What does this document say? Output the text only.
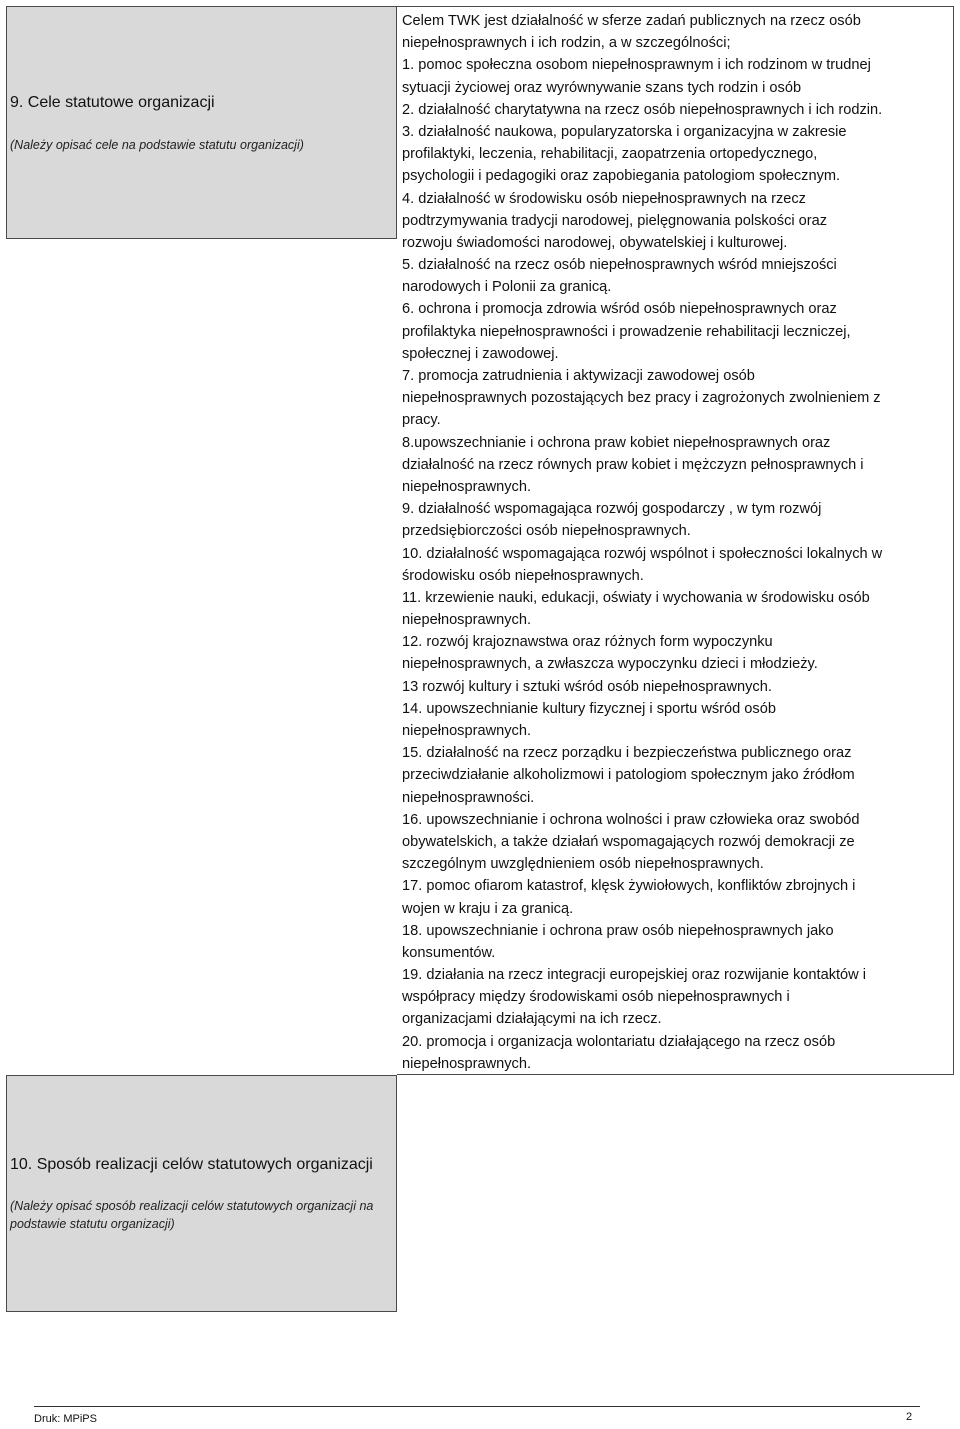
9. Cele statutowe organizacji
(Należy opisać cele na podstawie statutu organizacji)
Celem TWK jest działalność w sferze zadań publicznych na rzecz osób
niepełnosprawnych i ich rodzin, a w szczególności;
1. pomoc społeczna osobom niepełnosprawnym i ich rodzinom w trudnej
sytuacji życiowej oraz wyrównywanie szans tych rodzin i osób
2. działalność charytatywna na rzecz osób niepełnosprawnych i ich rodzin.
3. działalność naukowa, popularyzatorska i organizacyjna w zakresie
profilaktyki, leczenia, rehabilitacji, zaopatrzenia ortopedycznego,
psychologii i pedagogiki oraz zapobiegania patologiom społecznym.
4. działalność w środowisku osób niepełnosprawnych na rzecz
podtrzymywania tradycji narodowej, pielęgnowania polskości oraz
rozwoju świadomości narodowej, obywatelskiej i kulturowej.
5. działalność na rzecz osób niepełnosprawnych wśród mniejszości
narodowych i Polonii za granicą.
6. ochrona i promocja zdrowia wśród osób niepełnosprawnych oraz
profilaktyka niepełnosprawności i prowadzenie rehabilitacji leczniczej,
społecznej i zawodowej.
7. promocja zatrudnienia i aktywizacji zawodowej osób
niepełnosprawnych pozostających bez pracy i zagrożonych zwolnieniem z
pracy.
8.upowszechnianie i ochrona praw kobiet niepełnosprawnych oraz
działalność na rzecz równych praw kobiet i mężczyzn pełnosprawnych i
niepełnosprawnych.
9. działalność wspomagająca rozwój gospodarczy , w tym rozwój
przedsiębiorczości osób niepełnosprawnych.
10. działalność wspomagająca rozwój wspólnot i społeczności lokalnych w
środowisku osób niepełnosprawnych.
11. krzewienie nauki, edukacji, oświaty i wychowania w środowisku osób
niepełnosprawnych.
12. rozwój krajoznawstwa oraz różnych form wypoczynku
niepełnosprawnych, a zwłaszcza wypoczynku dzieci i młodzieży.
13 rozwój kultury i sztuki wśród osób niepełnosprawnych.
14. upowszechnianie kultury fizycznej i sportu wśród osób
niepełnosprawnych.
15. działalność na rzecz porządku i bezpieczeństwa publicznego oraz
przeciwdziałanie alkoholizmowi i patologiom społecznym jako źródłom
niepełnosprawności.
16. upowszechnianie i ochrona wolności i praw człowieka oraz swobód
obywatelskich, a także działań wspomagających rozwój demokracji ze
szczególnym uwzględnieniem osób niepełnosprawnych.
17. pomoc ofiarom katastrof, klęsk żywiołowych, konfliktów zbrojnych i
wojen w kraju i za granicą.
18. upowszechnianie i ochrona praw osób niepełnosprawnych jako
konsumentów.
19. działania na rzecz integracji europejskiej oraz rozwijanie kontaktów i
współpracy między środowiskami osób niepełnosprawnych i
organizacjami działającymi na ich rzecz.
20. promocja i organizacja wolontariatu działającego na rzecz osób
niepełnosprawnych.
10. Sposób realizacji celów statutowych organizacji
(Należy opisać sposób realizacji celów statutowych organizacji na podstawie statutu organizacji)
Druk: MPiPS	2
